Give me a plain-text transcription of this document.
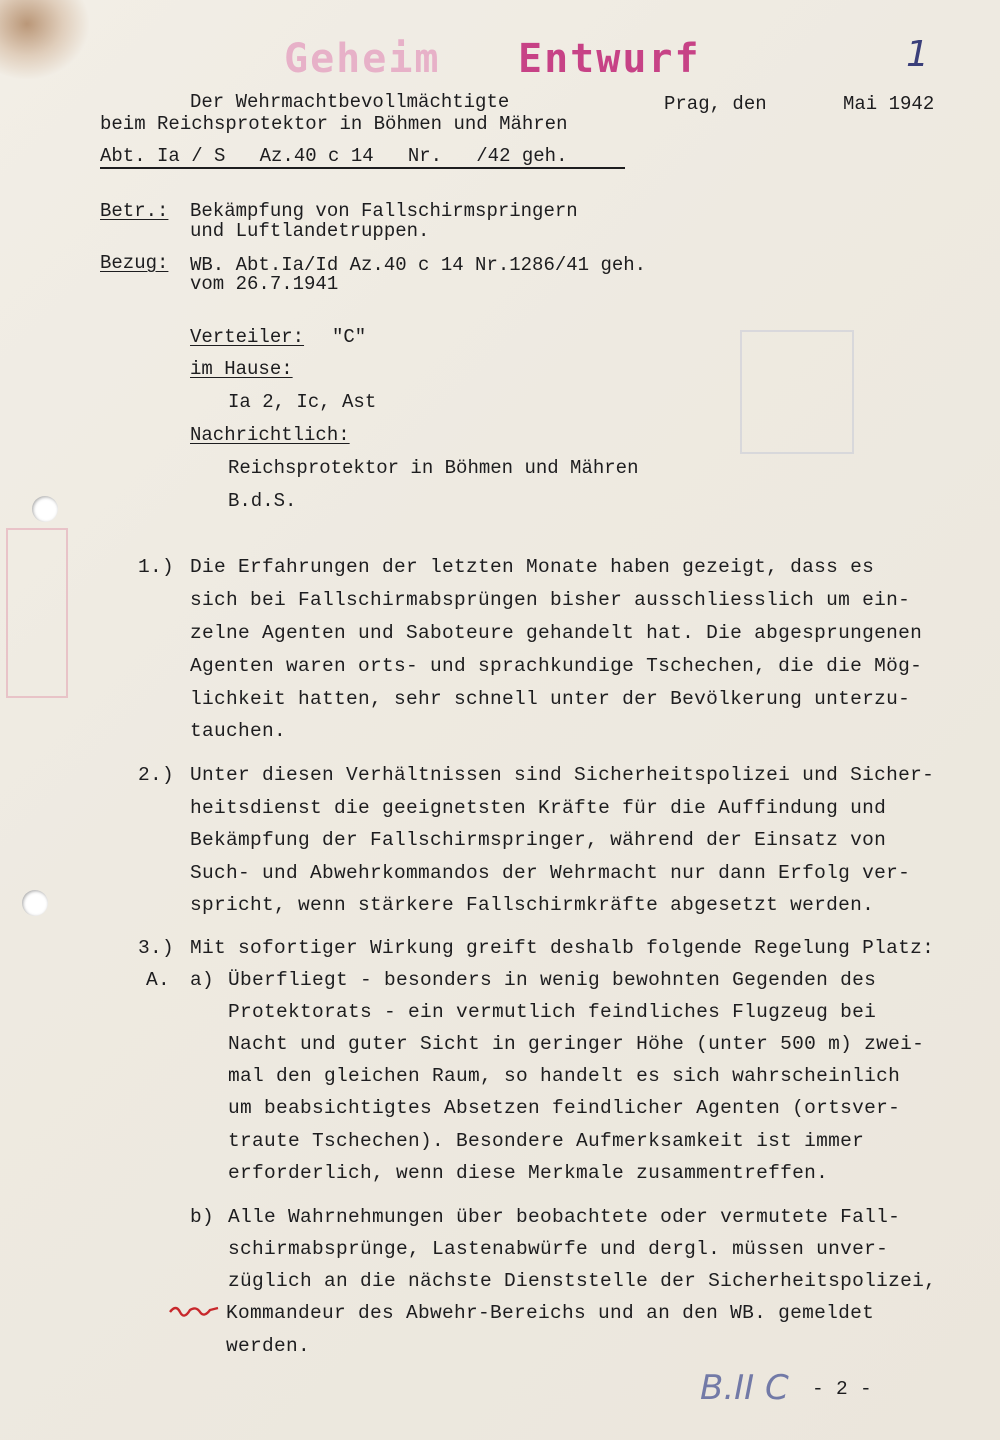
Geheim Entwurf	1
Der Wehrmachtbevollmächtigte
beim Reichsprotektor in Böhmen und Mähren
Prag, den	Mai 1942
Abt. Ia / S   Az.40 c 14   Nr.   /42 geh.
Betr.: Bekämpfung von Fallschirmspringern
und Luftlandetruppen.
Bezug: WB. Abt.Ia/Id Az.40 c 14 Nr.1286/41 geh.
vom 26.7.1941
Verteiler: "C"
im Hause:
Ia 2, Ic, Ast
Nachrichtlich:
Reichsprotektor in Böhmen und Mähren
B.d.S.
1.) Die Erfahrungen der letzten Monate haben gezeigt, dass es
sich bei Fallschirmabsprüngen bisher ausschliesslich um ein-
zelne Agenten und Saboteure gehandelt hat. Die abgesprungenen
Agenten waren orts- und sprachkundige Tschechen, die die Mög-
lichkeit hatten, sehr schnell unter der Bevölkerung unterzu-
tauchen.
2.) Unter diesen Verhältnissen sind Sicherheitspolizei und Sicher-
heitsdienst die geeignetsten Kräfte für die Auffindung und
Bekämpfung der Fallschirmspringer, während der Einsatz von
Such- und Abwehrkommandos der Wehrmacht nur dann Erfolg ver-
spricht, wenn stärkere Fallschirmkräfte abgesetzt werden.
3.) Mit sofortiger Wirkung greift deshalb folgende Regelung Platz:
A. a) Überfliegt - besonders in wenig bewohnten Gegenden des
Protektorats - ein vermutlich feindliches Flugzeug bei
Nacht und guter Sicht in geringer Höhe (unter 500 m) zwei-
mal den gleichen Raum, so handelt es sich wahrscheinlich
um beabsichtigtes Absetzen feindlicher Agenten (ortsver-
traute Tschechen). Besondere Aufmerksamkeit ist immer
erforderlich, wenn diese Merkmale zusammentreffen.
b) Alle Wahrnehmungen über beobachtete oder vermutete Fall-
schirmabsprünge, Lastenabwürfe und dergl. müssen unver-
züglich an die nächste Dienststelle der Sicherheitspolizei,
Kommandeur des Abwehr-Bereichs und an den WB. gemeldet
werden.
B.II C - 2 -
